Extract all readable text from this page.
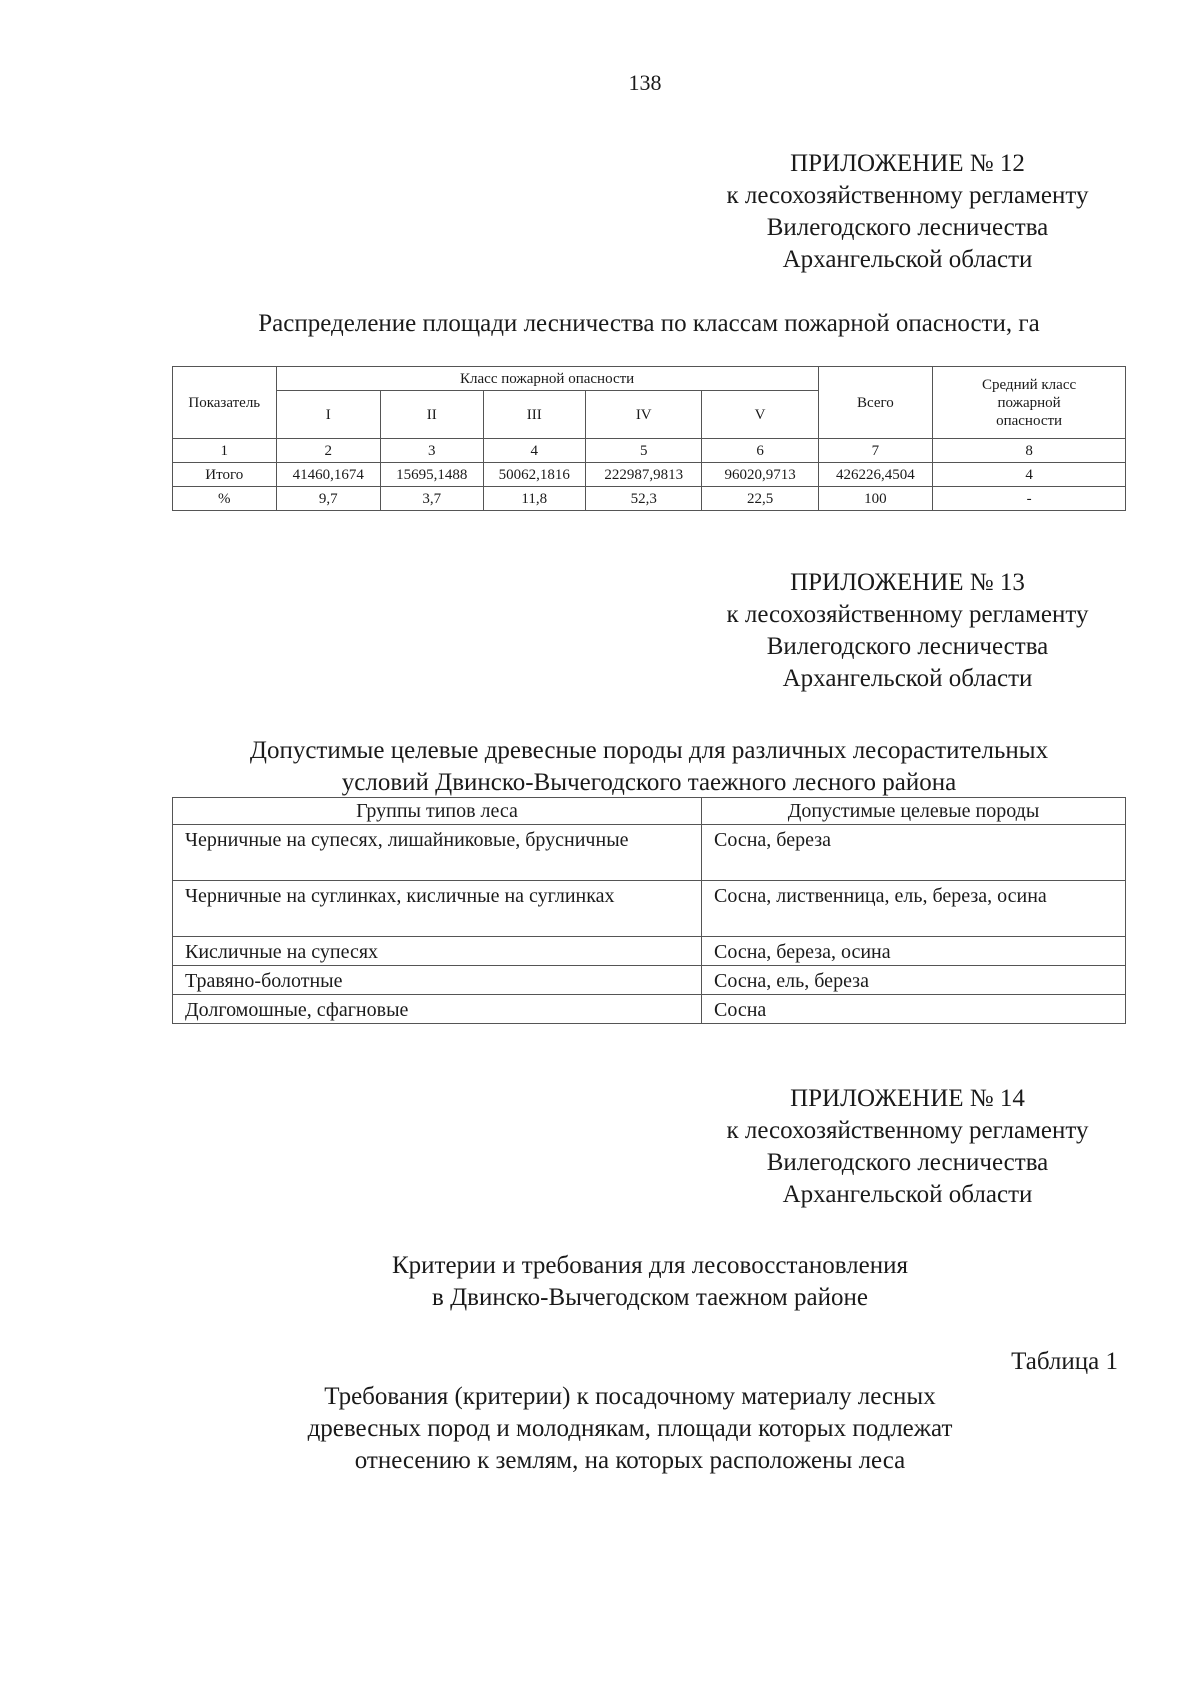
138
ПРИЛОЖЕНИЕ № 12
к лесохозяйственному регламенту
Вилегодского лесничества
Архангельской области
Распределение площади лесничества по классам пожарной опасности, га
Показатель	Класс пожарной опасности					Всего	Средний класс
пожарной
опасности

	I	II	III	IV	V		
1	2	3	4	5	6	7	8
Итого	41460,1674	15695,1488	50062,1816	222987,9813	96020,9713	426226,4504	4
%	9,7	3,7	11,8	52,3	22,5	100	-
ПРИЛОЖЕНИЕ № 13
к лесохозяйственному регламенту
Вилегодского лесничества
Архангельской области
Допустимые целевые древесные породы для различных лесорастительных
условий Двинско-Вычегодского таежного лесного района
Группы типов леса	Допустимые целевые породы
Черничные на супесях, лишайниковые, брусничные	Сосна, береза
Черничные на суглинках, кисличные на суглинках	Сосна, лиственница, ель, береза, осина
Кисличные на супесях	Сосна, береза, осина
Травяно-болотные	Сосна, ель, береза
Долгомошные, сфагновые	Сосна
ПРИЛОЖЕНИЕ № 14
к лесохозяйственному регламенту
Вилегодского лесничества
Архангельской области
Критерии и требования для лесовосстановления
в Двинско-Вычегодском таежном районе
Таблица 1
Требования (критерии) к посадочному материалу лесных
древесных пород и молоднякам, площади которых подлежат
отнесению к землям, на которых расположены леса
